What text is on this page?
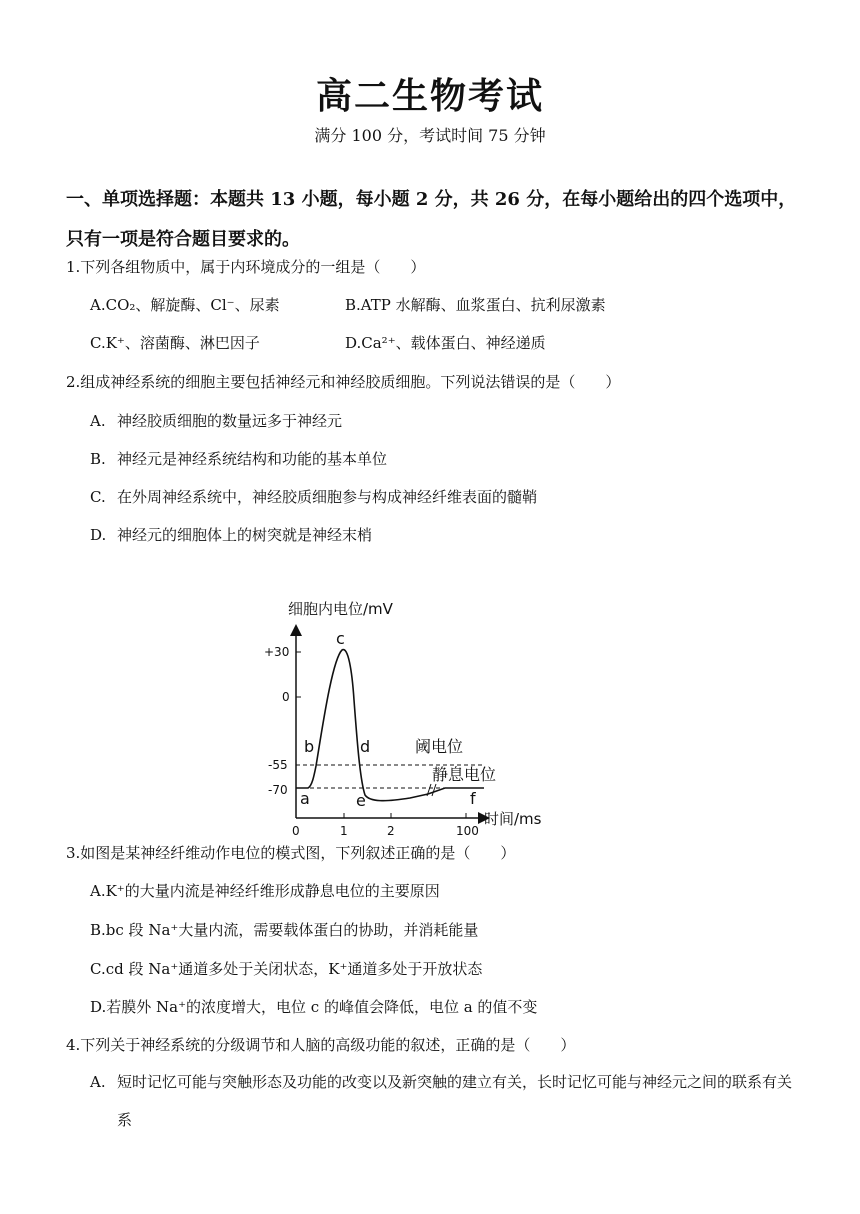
高二生物考试
满分 100 分，考试时间 75 分钟
一、单项选择题：本题共 13 小题，每小题 2 分，共 26 分，在每小题给出的四个选项中，只有一项是符合题目要求的。
1.下列各组物质中，属于内环境成分的一组是（　　）
A.CO₂、解旋酶、Cl⁻、尿素	B.ATP 水解酶、血浆蛋白、抗利尿激素
C.K⁺、溶菌酶、淋巴因子	D.Ca²⁺、载体蛋白、神经递质
2.组成神经系统的细胞主要包括神经元和神经胶质细胞。下列说法错误的是（　　）
A. 神经胶质细胞的数量远多于神经元
B. 神经元是神经系统结构和功能的基本单位
C. 在外周神经系统中，神经胶质细胞参与构成神经纤维表面的髓鞘
D. 神经元的细胞体上的树突就是神经末梢
细胞内电位/mV
时间/ms
+30
0
-55
-70
0	1	2	100
a
b
c
d
e	f
阈电位
静息电位
3.如图是某神经纤维动作电位的模式图，下列叙述正确的是（　　）
A.K⁺的大量内流是神经纤维形成静息电位的主要原因
B.bc 段 Na⁺大量内流，需要载体蛋白的协助，并消耗能量
C.cd 段 Na⁺通道多处于关闭状态，K⁺通道多处于开放状态
D.若膜外 Na⁺的浓度增大，电位 c 的峰值会降低，电位 a 的值不变
4.下列关于神经系统的分级调节和人脑的高级功能的叙述，正确的是（　　）
A. 短时记忆可能与突触形态及功能的改变以及新突触的建立有关，长时记忆可能与神经元之间的联系有关系
